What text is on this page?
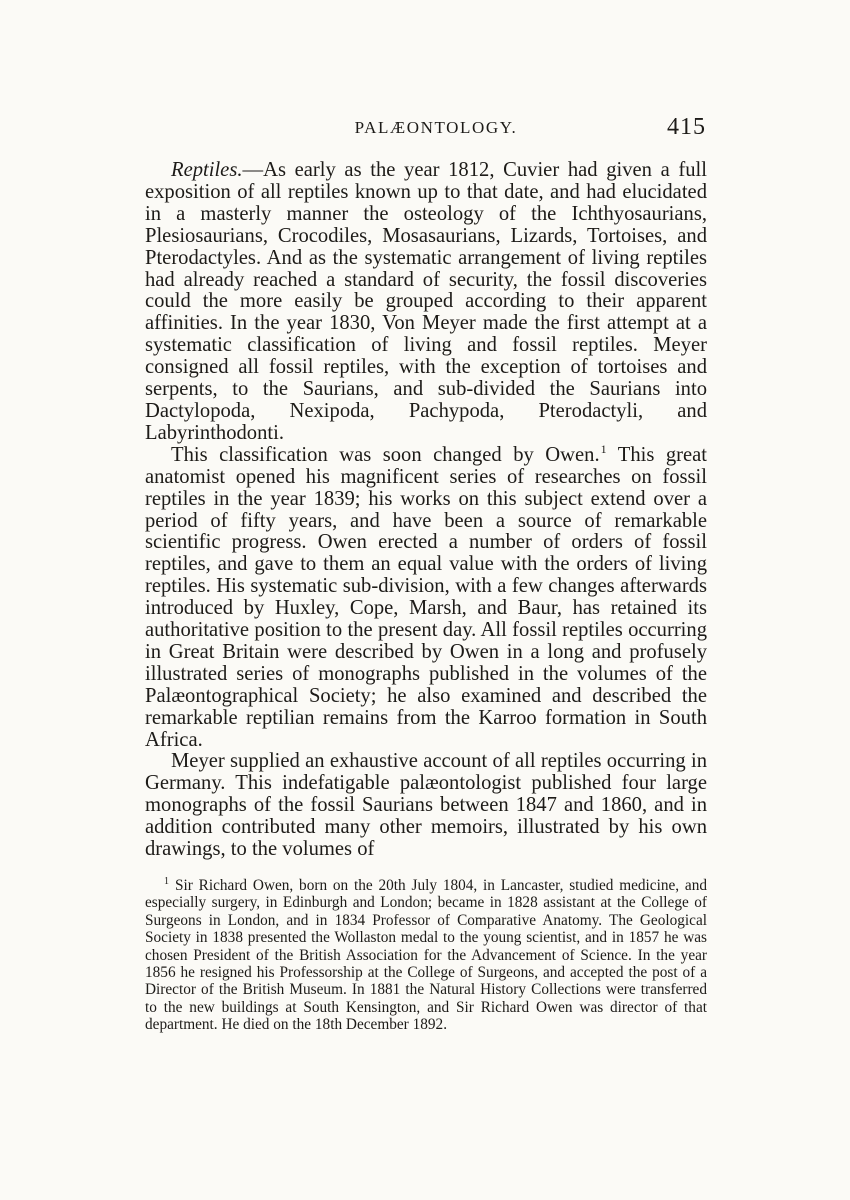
PALÆONTOLOGY.	415

Reptiles.—As early as the year 1812, Cuvier had given a full exposition of all reptiles known up to that date, and had elucidated in a masterly manner the osteology of the Ichthyosaurians, Plesiosaurians, Crocodiles, Mosasaurians, Lizards, Tortoises, and Pterodactyles. And as the systematic arrangement of living reptiles had already reached a standard of security, the fossil discoveries could the more easily be grouped according to their apparent affinities. In the year 1830, Von Meyer made the first attempt at a systematic classification of living and fossil reptiles. Meyer consigned all fossil reptiles, with the exception of tortoises and serpents, to the Saurians, and sub-divided the Saurians into Dactylopoda, Nexipoda, Pachypoda, Pterodactyli, and Labyrinthodonti.

This classification was soon changed by Owen.$^1$ This great anatomist opened his magnificent series of researches on fossil reptiles in the year 1839; his works on this subject extend over a period of fifty years, and have been a source of remarkable scientific progress. Owen erected a number of orders of fossil reptiles, and gave to them an equal value with the orders of living reptiles. His systematic sub-division, with a few changes afterwards introduced by Huxley, Cope, Marsh, and Baur, has retained its authoritative position to the present day. All fossil reptiles occurring in Great Britain were described by Owen in a long and profusely illustrated series of monographs published in the volumes of the Palæontographical Society; he also examined and described the remarkable reptilian remains from the Karroo formation in South Africa.

Meyer supplied an exhaustive account of all reptiles occurring in Germany. This indefatigable palæontologist published four large monographs of the fossil Saurians between 1847 and 1860, and in addition contributed many other memoirs, illustrated by his own drawings, to the volumes of

$^1$ Sir Richard Owen, born on the 20th July 1804, in Lancaster, studied medicine, and especially surgery, in Edinburgh and London; became in 1828 assistant at the College of Surgeons in London, and in 1834 Professor of Comparative Anatomy. The Geological Society in 1838 presented the Wollaston medal to the young scientist, and in 1857 he was chosen President of the British Association for the Advancement of Science. In the year 1856 he resigned his Professorship at the College of Surgeons, and accepted the post of a Director of the British Museum. In 1881 the Natural History Collections were transferred to the new buildings at South Kensington, and Sir Richard Owen was director of that department. He died on the 18th December 1892.
